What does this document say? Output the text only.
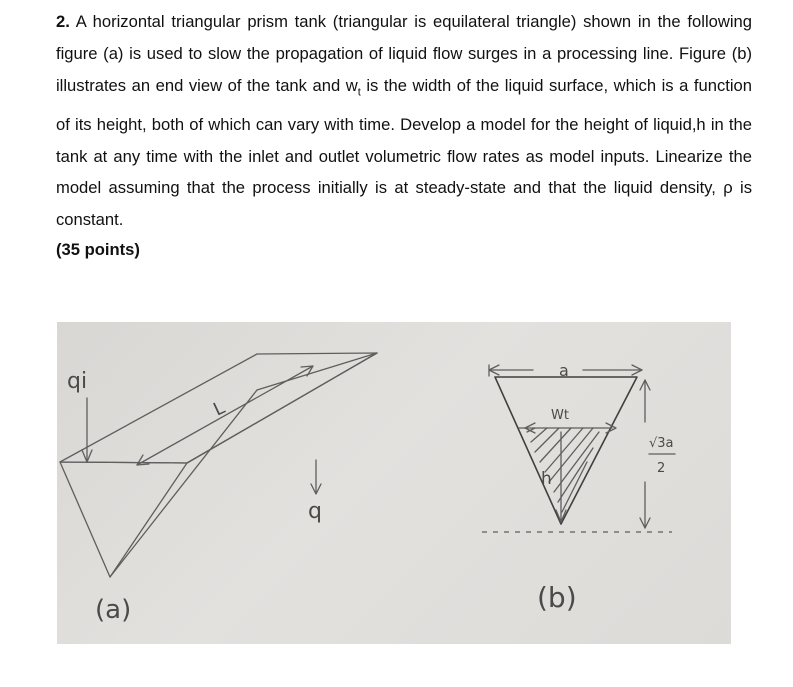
2. A horizontal triangular prism tank (triangular is equilateral triangle) shown in the following figure (a) is used to slow the propagation of liquid flow surges in a processing line. Figure (b) illustrates an end view of the tank and $w_t$ is the width of the liquid surface, which is a function of its height, both of which can vary with time. Develop a model for the height of liquid,h in the tank at any time with the inlet and outlet volumetric flow rates as model inputs. Linearize the model assuming that the process initially is at steady-state and that the liquid density, ρ is constant.

(35 points)
qi
L
q
(a)
a
Wt
h
√3a
2
(b)
